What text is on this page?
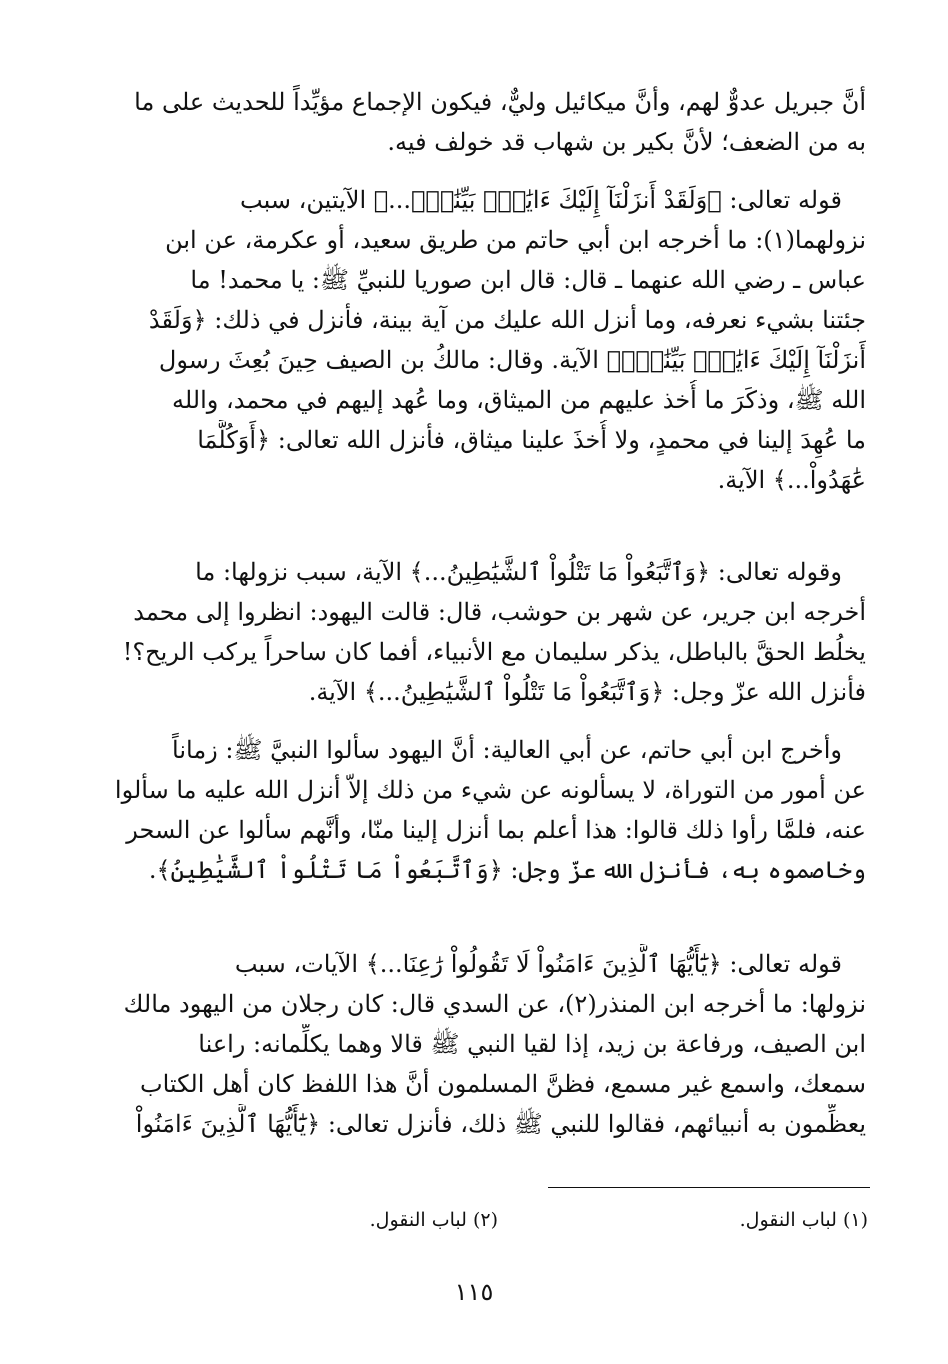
أنَّ جبريل عدوٌّ لهم، وأنَّ ميكائيل وليٌّ، فيكون الإجماع مؤيِّداً للحديث على ما
به من الضعف؛ لأنَّ بكير بن شهاب قد خولف فيه.
قوله تعالى: ﴿وَلَقَدْ أَنزَلْنَآ إِلَيْكَ ءَايَٰتٍۭ بَيِّنَٰتٍۖ...﴾ الآيتين، سبب
نزولهما(١): ما أخرجه ابن أبي حاتم من طريق سعيد، أو عكرمة، عن ابن
عباس ـ رضي الله عنهما ـ قال: قال ابن صوريا للنبيِّ ﷺ: يا محمد! ما
جئتنا بشيء نعرفه، وما أنزل الله عليك من آية بينة، فأنزل في ذلك: ﴿وَلَقَدْ
أَنزَلْنَآ إِلَيْكَ ءَايَٰتٍۭ بَيِّنَٰتٍۖ﴾ الآية. وقال: مالكُ بن الصيف حِينَ بُعِثَ رسول
الله ﷺ، وذكَرَ ما أُخذ عليهم من الميثاق، وما عُهد إليهم في محمد، والله
ما عُهِدَ إلينا في محمدٍ، ولا أُخذَ علينا ميثاق، فأنزل الله تعالى: ﴿أَوَكُلَّمَا
عَٰهَدُواْ...﴾ الآية.
وقوله تعالى: ﴿وَٱتَّبَعُواْ مَا تَتْلُواْ ٱلشَّيَٰطِينُ...﴾ الآية، سبب نزولها: ما
أخرجه ابن جرير، عن شهر بن حوشب، قال: قالت اليهود: انظروا إلى محمد
يخلُط الحقَّ بالباطل، يذكر سليمان مع الأنبياء، أفما كان ساحراً يركب الريح؟!
فأنزل الله عزّ وجل: ﴿وَٱتَّبَعُواْ مَا تَتْلُواْ ٱلشَّيَٰطِينُ...﴾ الآية.
وأخرج ابن أبي حاتم، عن أبي العالية: أنَّ اليهود سألوا النبيَّ ﷺ: زماناً
عن أمور من التوراة، لا يسألونه عن شيء من ذلك إلاّ أنزل الله عليه ما سألوا
عنه، فلمَّا رأوا ذلك قالوا: هذا أعلم بما أنزل إلينا منّا، وأنَّهم سألوا عن السحر
وخاصموه به، فأنزل الله عزّ وجل: ﴿وَٱتَّبَعُواْ مَا تَتْلُواْ ٱلشَّيَٰطِينُ﴾.
قوله تعالى: ﴿يَٰٓأَيُّهَا ٱلَّذِينَ ءَامَنُواْ لَا تَقُولُواْ رَٰعِنَا...﴾ الآيات، سبب
نزولها: ما أخرجه ابن المنذر(٢)، عن السدي قال: كان رجلان من اليهود مالك
ابن الصيف، ورفاعة بن زيد، إذا لقيا النبي ﷺ قالا وهما يكلِّمانه: راعنا
سمعك، واسمع غير مسمع، فظنَّ المسلمون أنَّ هذا اللفظ كان أهل الكتاب
يعظِّمون به أنبيائهم، فقالوا للنبي ﷺ ذلك، فأنزل تعالى: ﴿يَٰٓأَيُّهَا ٱلَّذِينَ ءَامَنُواْ
(١) لباب النقول.
(٢) لباب النقول.
١١٥
